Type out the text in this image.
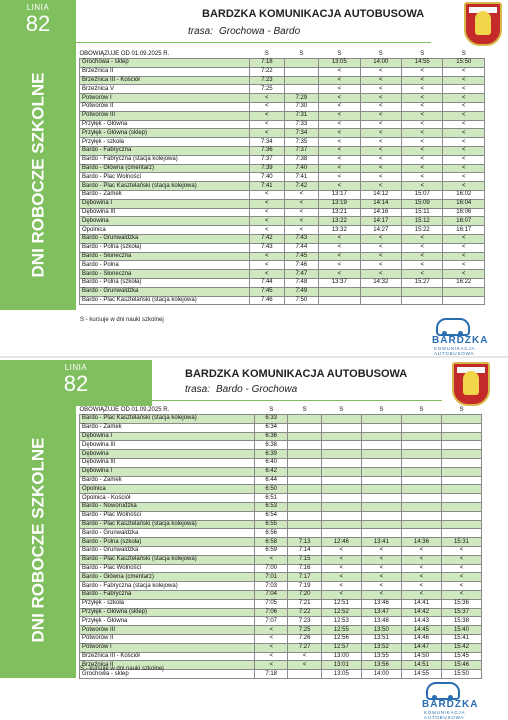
LINIA
82
DNI ROBOCZE SZKOLNE
BARDZKA KOMUNIKACJA AUTOBUSOWA
trasa: Grochowa - Bardo
OBOWIĄZUJE OD 01.09.2025 R.	S	S	S	S	S	S
Grochowa - sklep	7:18		13:05	14:00	14:55	15:50
Brzeźnica II	7:22		<	<	<	<
Brzeźnica III - Kościół	7:23		<	<	<	<
Brzeźnica V	7:25		<	<	<	<
Potworów I	<	7:29	<	<	<	<
Potworów II	<	7:30	<	<	<	<
Potworów III	<	7:31	<	<	<	<
Przyłęk - Główna	<	7:33	<	<	<	<
Przyłęk - Główna (sklep)	<	7:34	<	<	<	<
Przyłęk - szkoła	7:34	7:35	<	<	<	<
Bardo - Fabryczna	7:36	7:37	<	<	<	<
Bardo - Fabryczna (stacja kolejowa)	7:37	7:38	<	<	<	<
Bardo - Główna (cmentarz)	7:39	7:40	<	<	<	<
Bardo - Plac Wolności	7:40	7:41	<	<	<	<
Bardo - Plac Kasztelański (stacja kolejowa)	7:41	7:42	<	<	<	<
Bardo - Zamek	<	<	13:17	14:12	15:07	16:02
Dębowina I	<	<	13:19	14:14	15:09	16:04
Dębowina III	<	<	13:21	14:16	15:11	16:06
Dębowina	<	<	13:22	14:17	15:12	16:07
Opolnica	<	<	13:32	14:27	15:22	16:17
Bardo - Grunwaldzka	7:42	7:43	<	<	<	<
Bardo - Polna (szkoła)	7:43	7:44	<	<	<	<
Bardo - Słoneczna	<	7:45	<	<	<	<
Bardo - Polna	<	7:46	<	<	<	<
Bardo - Słoneczna	<	7:47	<	<	<	<
Bardo - Polna (szkoła)	7:44	7:48	13:37	14:32	15:27	16:22
Bardo - Grunwaldzka	7:45	7:49				
Bardo - Plac Kasztelański (stacja kolejowa)	7:46	7:50				
S - kursuje w dni nauki szkolnej
BARDZKA
KOMUNIKACJA
AUTOBUSOWA
LINIA
82
DNI ROBOCZE SZKOLNE
BARDZKA KOMUNIKACJA AUTOBUSOWA
trasa: Bardo - Grochowa
OBOWIĄZUJE OD 01.09.2025 R.	S	S	S	S	S	S
Bardo - Plac Kasztelański (stacja kolejowa)	6:33					
Bardo - Zamek	6:34					
Dębowina I	6:36					
Dębowina III	6:38					
Dębowina	6:39					
Dębowina III	6:40					
Dębowina I	6:42					
Bardo - Zamek	6:44					
Opolnica	6:50					
Opolnica - Kościół	6:51					
Bardo - Noworudzka	6:53					
Bardo - Plac Wolności	6:54					
Bardo - Plac Kasztelański (stacja kolejowa)	6:55					
Bardo - Grunwaldzka	6:56					
Bardo - Polna (szkoła)	6:58	7:13	12:46	13:41	14:36	15:31
Bardo - Grunwaldzka	6:59	7:14	<	<	<	<
Bardo - Plac Kasztelański (stacja kolejowa)	<	7:15	<	<	<	<
Bardo - Plac Wolności	7:00	7:16	<	<	<	<
Bardo - Główna (cmentarz)	7:01	7:17	<	<	<	<
Bardo - Fabryczna (stacja kolejowa)	7:03	7:19	<	<	<	<
Bardo - Fabryczna	7:04	7:20	<	<	<	<
Przyłęk - szkoła	7:05	7:21	12:51	13:46	14:41	15:36
Przyłęk - Główna (sklep)	7:06	7:22	12:52	13:47	14:42	15:37
Przyłęk - Główna	7:07	7:23	12:53	13:48	14:43	15:38
Potworów III	<	7:25	12:55	13:50	14:45	15:40
Potworów II	<	7:26	12:56	13:51	14:46	15:41
Potworów I	<	7:27	12:57	13:52	14:47	15:42
Brzeźnica III - Kościół	<	<	13:00	13:55	14:50	15:45
Brzeźnica II	<	<	13:01	13:56	14:51	15:46
Grochowa - sklep	7:18		13:05	14:00	14:55	15:50
S - kursuje w dni nauki szkolnej
BARDZKA
KOMUNIKACJA
AUTOBUSOWA
